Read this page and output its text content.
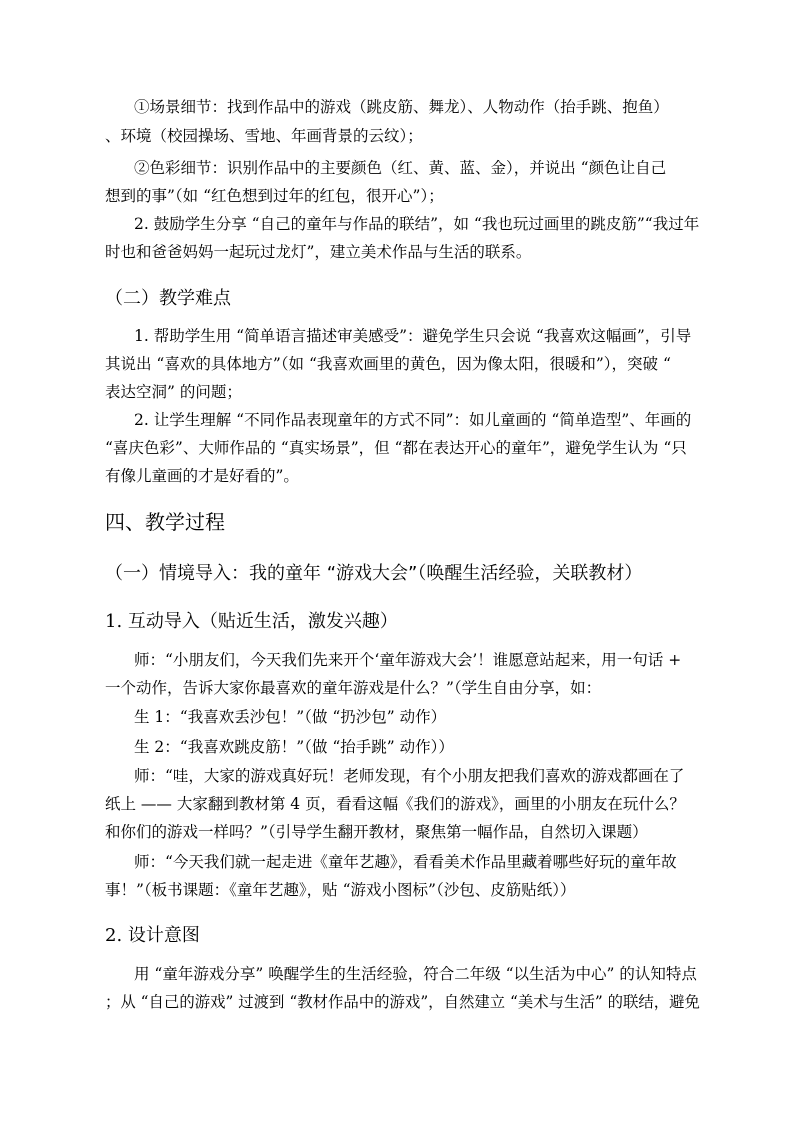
①场景细节：找到作品中的游戏（跳皮筋、舞龙）、人物动作（抬手跳、抱鱼）
、环境（校园操场、雪地、年画背景的云纹）；
②色彩细节：识别作品中的主要颜色（红、黄、蓝、金），并说出 “颜色让自己
想到的事”（如 “红色想到过年的红包，很开心”）；
2. 鼓励学生分享 “自己的童年与作品的联结”，如 “我也玩过画里的跳皮筋”“我过年
时也和爸爸妈妈一起玩过龙灯”，建立美术作品与生活的联系。
（二）教学难点
1. 帮助学生用 “简单语言描述审美感受”：避免学生只会说 “我喜欢这幅画”，引导
其说出 “喜欢的具体地方”（如 “我喜欢画里的黄色，因为像太阳，很暖和”），突破 “
表达空洞” 的问题；
2. 让学生理解 “不同作品表现童年的方式不同”：如儿童画的 “简单造型”、年画的
“喜庆色彩”、大师作品的 “真实场景”，但 “都在表达开心的童年”，避免学生认为 “只
有像儿童画的才是好看的”。
四、教学过程
（一）情境导入：我的童年 “游戏大会”（唤醒生活经验，关联教材）
1. 互动导入（贴近生活，激发兴趣）
师：“小朋友们，今天我们先来开个‘童年游戏大会’！谁愿意站起来，用一句话 +
一个动作，告诉大家你最喜欢的童年游戏是什么？”（学生自由分享，如：
生 1：“我喜欢丢沙包！”（做 “扔沙包” 动作）
生 2：“我喜欢跳皮筋！”（做 “抬手跳” 动作））
师：“哇，大家的游戏真好玩！老师发现，有个小朋友把我们喜欢的游戏都画在了
纸上 —— 大家翻到教材第 4 页，看看这幅《我们的游戏》，画里的小朋友在玩什么？
和你们的游戏一样吗？”（引导学生翻开教材，聚焦第一幅作品，自然切入课题）
师：“今天我们就一起走进《童年艺趣》，看看美术作品里藏着哪些好玩的童年故
事！”（板书课题：《童年艺趣》，贴 “游戏小图标”（沙包、皮筋贴纸））
2. 设计意图
用 “童年游戏分享” 唤醒学生的生活经验，符合二年级 “以生活为中心” 的认知特点
；从 “自己的游戏” 过渡到 “教材作品中的游戏”，自然建立 “美术与生活” 的联结，避免
